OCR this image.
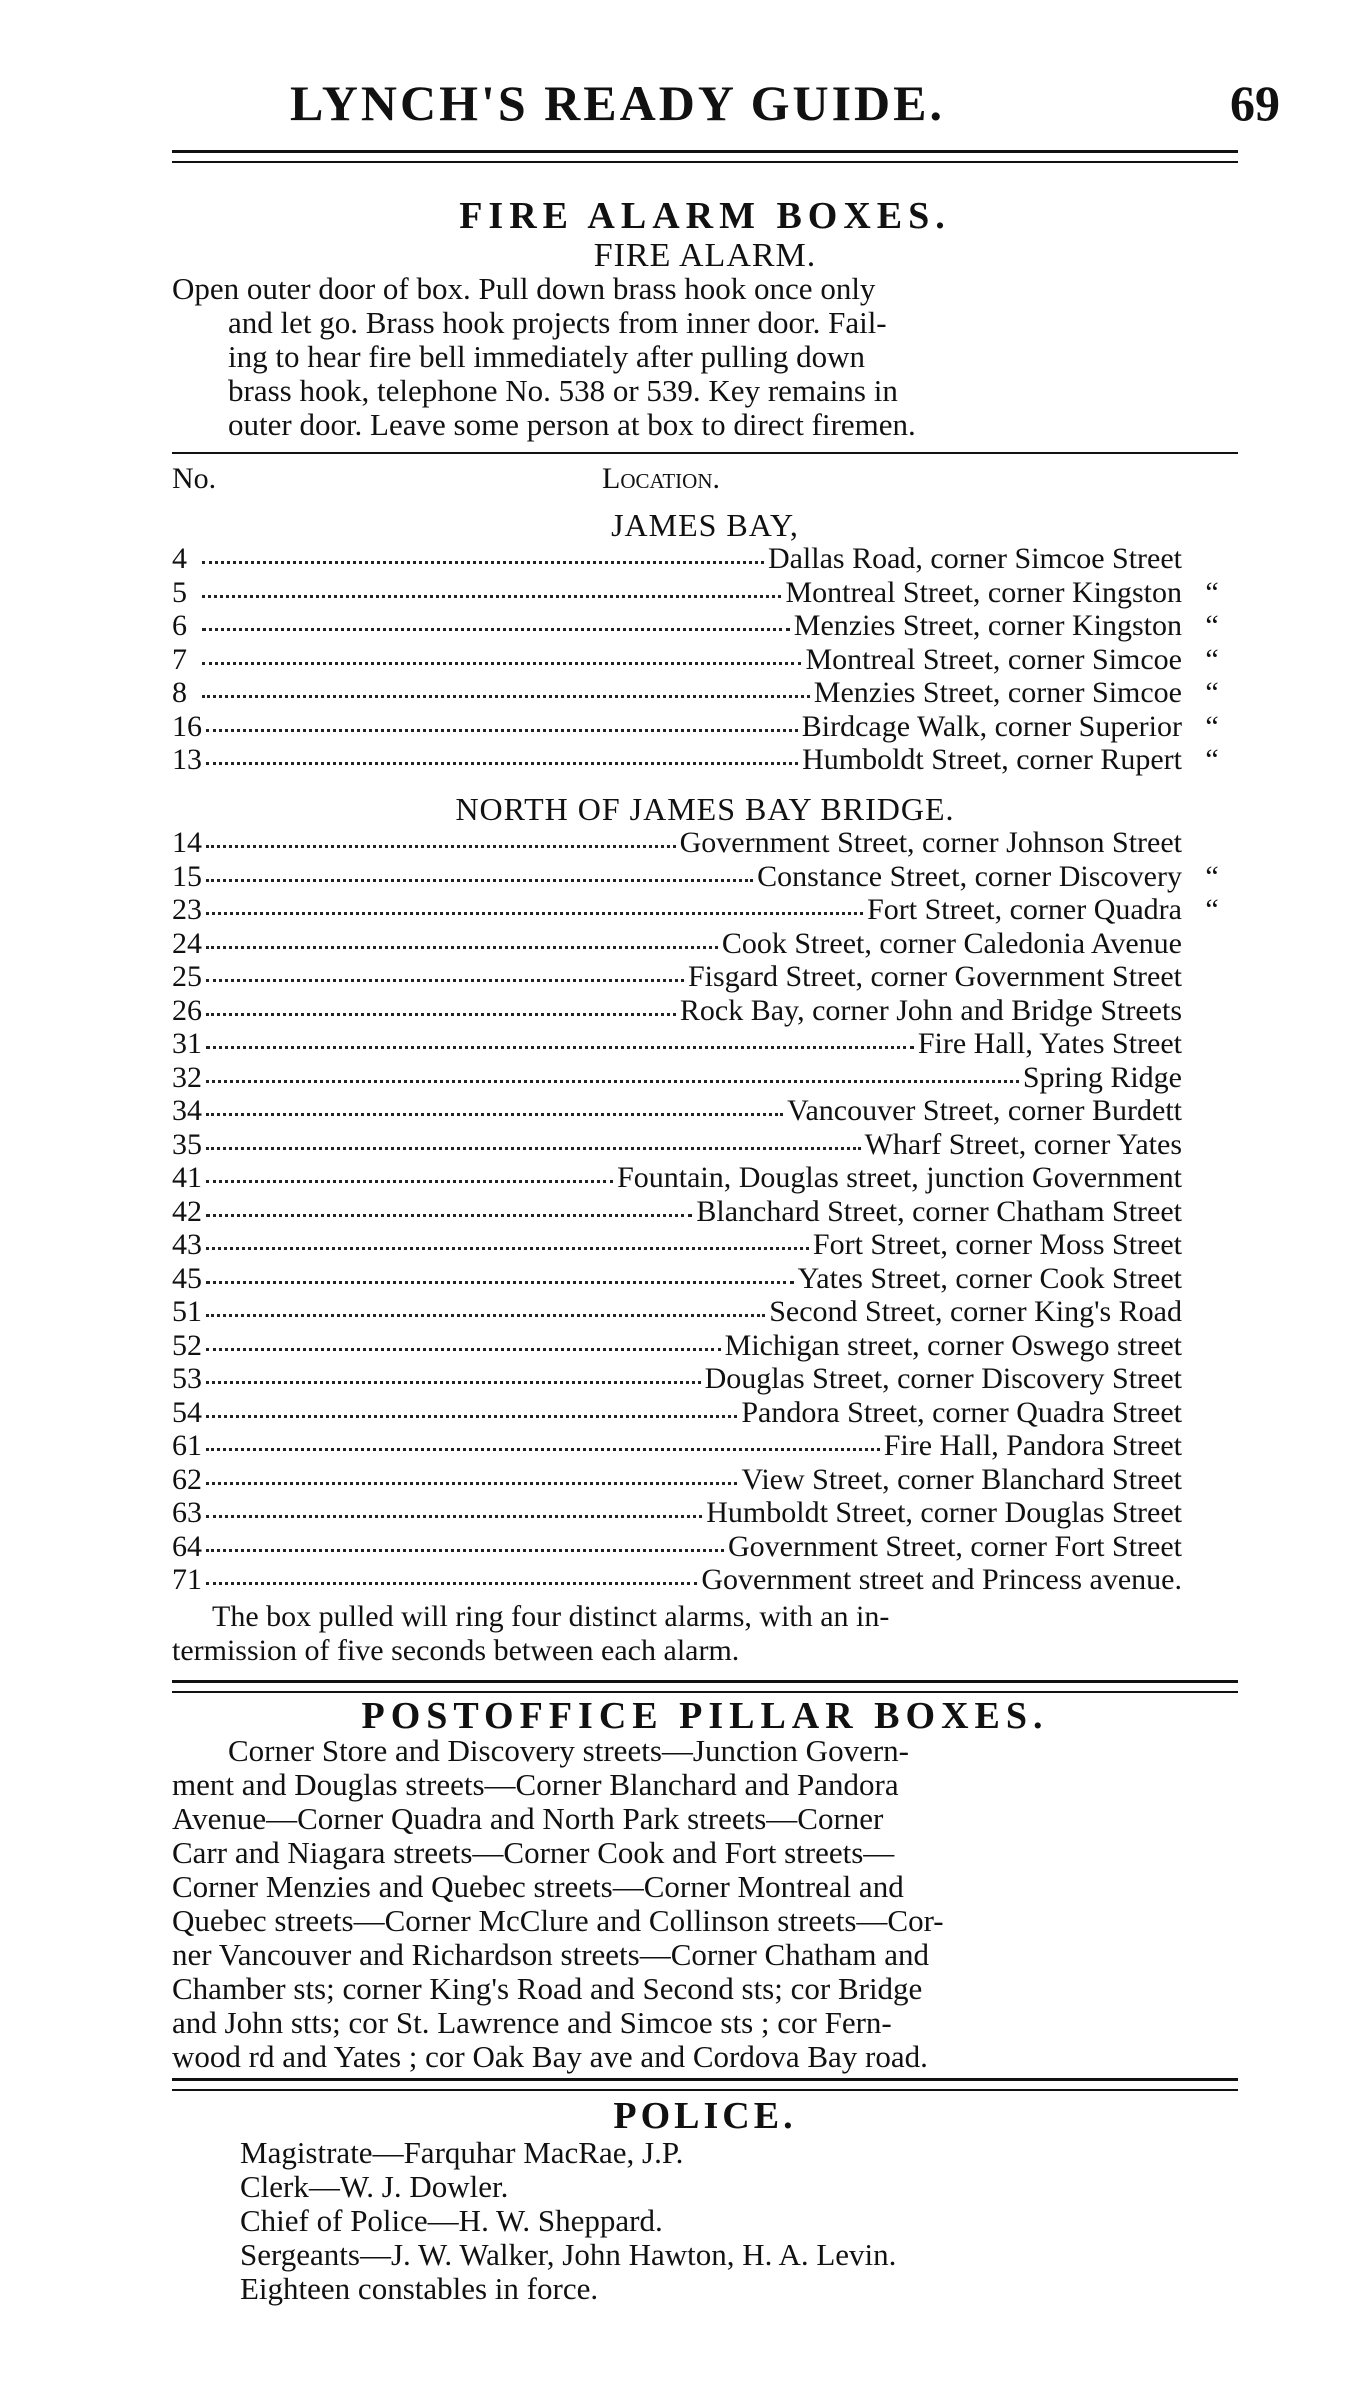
LYNCH'S READY GUIDE.	69
FIRE ALARM BOXES.
FIRE ALARM.
Open outer door of box. Pull down brass hook once only
and let go. Brass hook projects from inner door. Fail-
ing to hear fire bell immediately after pulling down
brass hook, telephone No. 538 or 539. Key remains in
outer door. Leave some person at box to direct firemen.
No.	Location.
JAMES BAY,
4	Dallas Road, corner Simcoe Street
5	Montreal Street, corner Kingston “
6	Menzies Street, corner Kingston “
7	Montreal Street, corner Simcoe “
8	Menzies Street, corner Simcoe “
16	Birdcage Walk, corner Superior “
13	Humboldt Street, corner Rupert “
NORTH OF JAMES BAY BRIDGE.
14	Government Street, corner Johnson Street
15	Constance Street, corner Discovery “
23	Fort Street, corner Quadra “
24	Cook Street, corner Caledonia Avenue
25	Fisgard Street, corner Government Street
26	Rock Bay, corner John and Bridge Streets
31	Fire Hall, Yates Street
32	Spring Ridge
34	Vancouver Street, corner Burdett
35	Wharf Street, corner Yates
41	Fountain, Douglas street, junction Government
42	Blanchard Street, corner Chatham Street
43	Fort Street, corner Moss Street
45	Yates Street, corner Cook Street
51	Second Street, corner King's Road
52	Michigan street, corner Oswego street
53	Douglas Street, corner Discovery Street
54	Pandora Street, corner Quadra Street
61	Fire Hall, Pandora Street
62	View Street, corner Blanchard Street
63	Humboldt Street, corner Douglas Street
64	Government Street, corner Fort Street
71	Government street and Princess avenue.
The box pulled will ring four distinct alarms, with an in-
termission of five seconds between each alarm.
POSTOFFICE PILLAR BOXES.
Corner Store and Discovery streets—Junction Govern-
ment and Douglas streets—Corner Blanchard and Pandora
Avenue—Corner Quadra and North Park streets—Corner
Carr and Niagara streets—Corner Cook and Fort streets—
Corner Menzies and Quebec streets—Corner Montreal and
Quebec streets—Corner McClure and Collinson streets—Cor-
ner Vancouver and Richardson streets—Corner Chatham and
Chamber sts; corner King's Road and Second sts; cor Bridge
and John stts; cor St. Lawrence and Simcoe sts ; cor Fern-
wood rd and Yates ; cor Oak Bay ave and Cordova Bay road.
POLICE.
Magistrate—Farquhar MacRae, J.P.
Clerk—W. J. Dowler.
Chief of Police—H. W. Sheppard.
Sergeants—J. W. Walker, John Hawton, H. A. Levin.
Eighteen constables in force.
